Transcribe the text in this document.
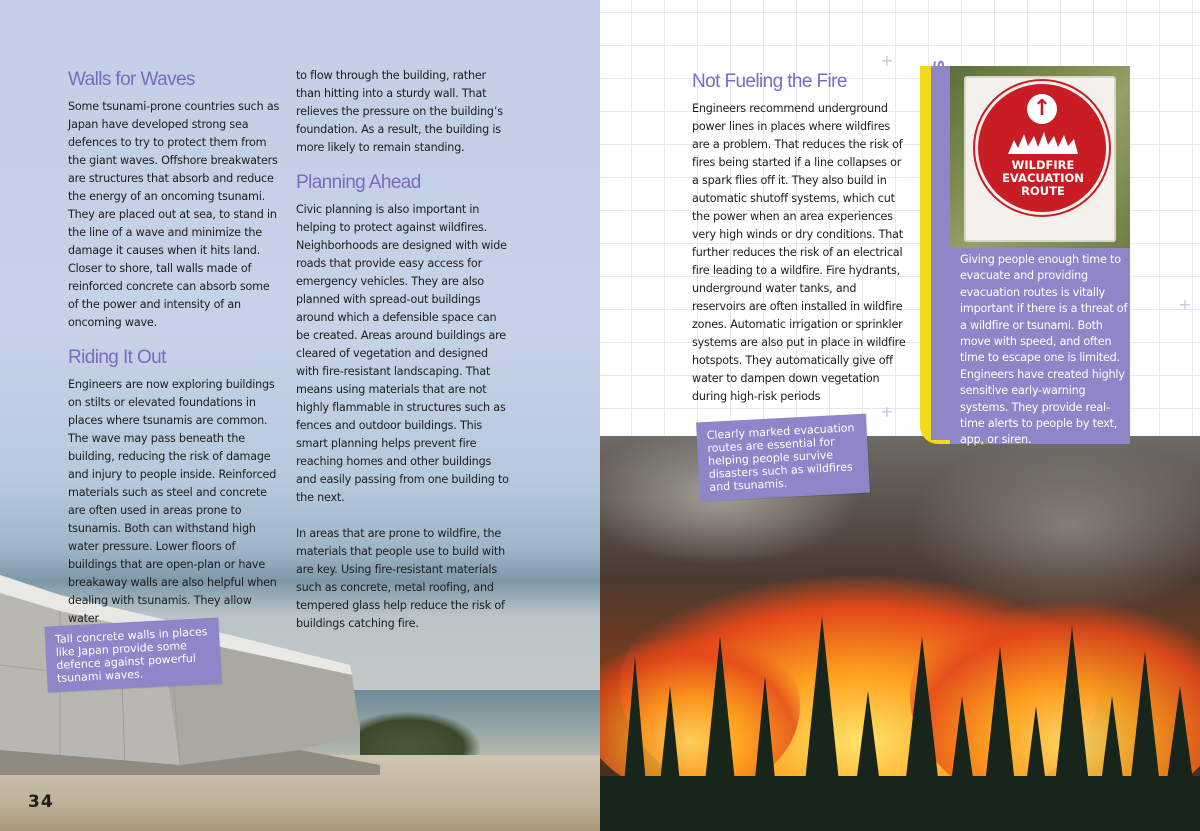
Walls for Waves

Some tsunami-prone countries such as Japan have developed strong sea defences to try to protect them from the giant waves. Offshore breakwaters are structures that absorb and reduce the energy of an oncoming tsunami. They are placed out at sea, to stand in the line of a wave and minimize the damage it causes when it hits land. Closer to shore, tall walls made of reinforced concrete can absorb some of the power and intensity of an oncoming wave.

Riding It Out

Engineers are now exploring buildings on stilts or elevated foundations in places where tsunamis are common. The wave may pass beneath the building, reducing the risk of damage and injury to people inside. Reinforced materials such as steel and concrete are often used in areas prone to tsunamis. Both can withstand high water pressure. Lower floors of buildings that are open-plan or have breakaway walls are also helpful when dealing with tsunamis. They allow water

to flow through the building, rather than hitting into a sturdy wall. That relieves the pressure on the building’s foundation. As a result, the building is more likely to remain standing.

Planning Ahead

Civic planning is also important in helping to protect against wildfires. Neighborhoods are designed with wide roads that provide easy access for emergency vehicles. They are also planned with spread-out buildings around which a defensible space can be created. Areas around buildings are cleared of vegetation and designed with fire-resistant landscaping. That means using materials that are not highly flammable in structures such as fences and outdoor buildings. This smart planning helps prevent fire reaching homes and other buildings and easily passing from one building to the next.

In areas that are prone to wildfire, the materials that people use to build with are key. Using fire-resistant materials such as concrete, metal roofing, and tempered glass help reduce the risk of buildings catching fire.

Tall concrete walls in places like Japan provide some defence against powerful tsunami waves.
34
+
+
+
Not Fueling the Fire

Engineers recommend underground power lines in places where wildfires are a problem. That reduces the risk of fires being started if a line collapses or a spark flies off it. They also build in automatic shutoff systems, which cut the power when an area experiences very high winds or dry conditions. That further reduces the risk of an electrical fire leading to a wildfire. Fire hydrants, underground water tanks, and reservoirs are often installed in wildfire zones. Automatic irrigation or sprinkler systems are also put in place in wildfire hotspots. They automatically give off water to dampen down vegetation during high-risk periods

Clearly marked evacuation routes are essential for helping people survive disasters such as wildfires and tsunamis.
ENGINEERING SOLUTIONS	↑
WILDFIRE
EVACUATION
ROUTE
Giving people enough time to evacuate and providing evacuation routes is vitally important if there is a threat of a wildfire or tsunami. Both move with speed, and often time to escape one is limited. Engineers have created highly sensitive early-warning systems. They provide real-time alerts to people by text, app, or siren.
